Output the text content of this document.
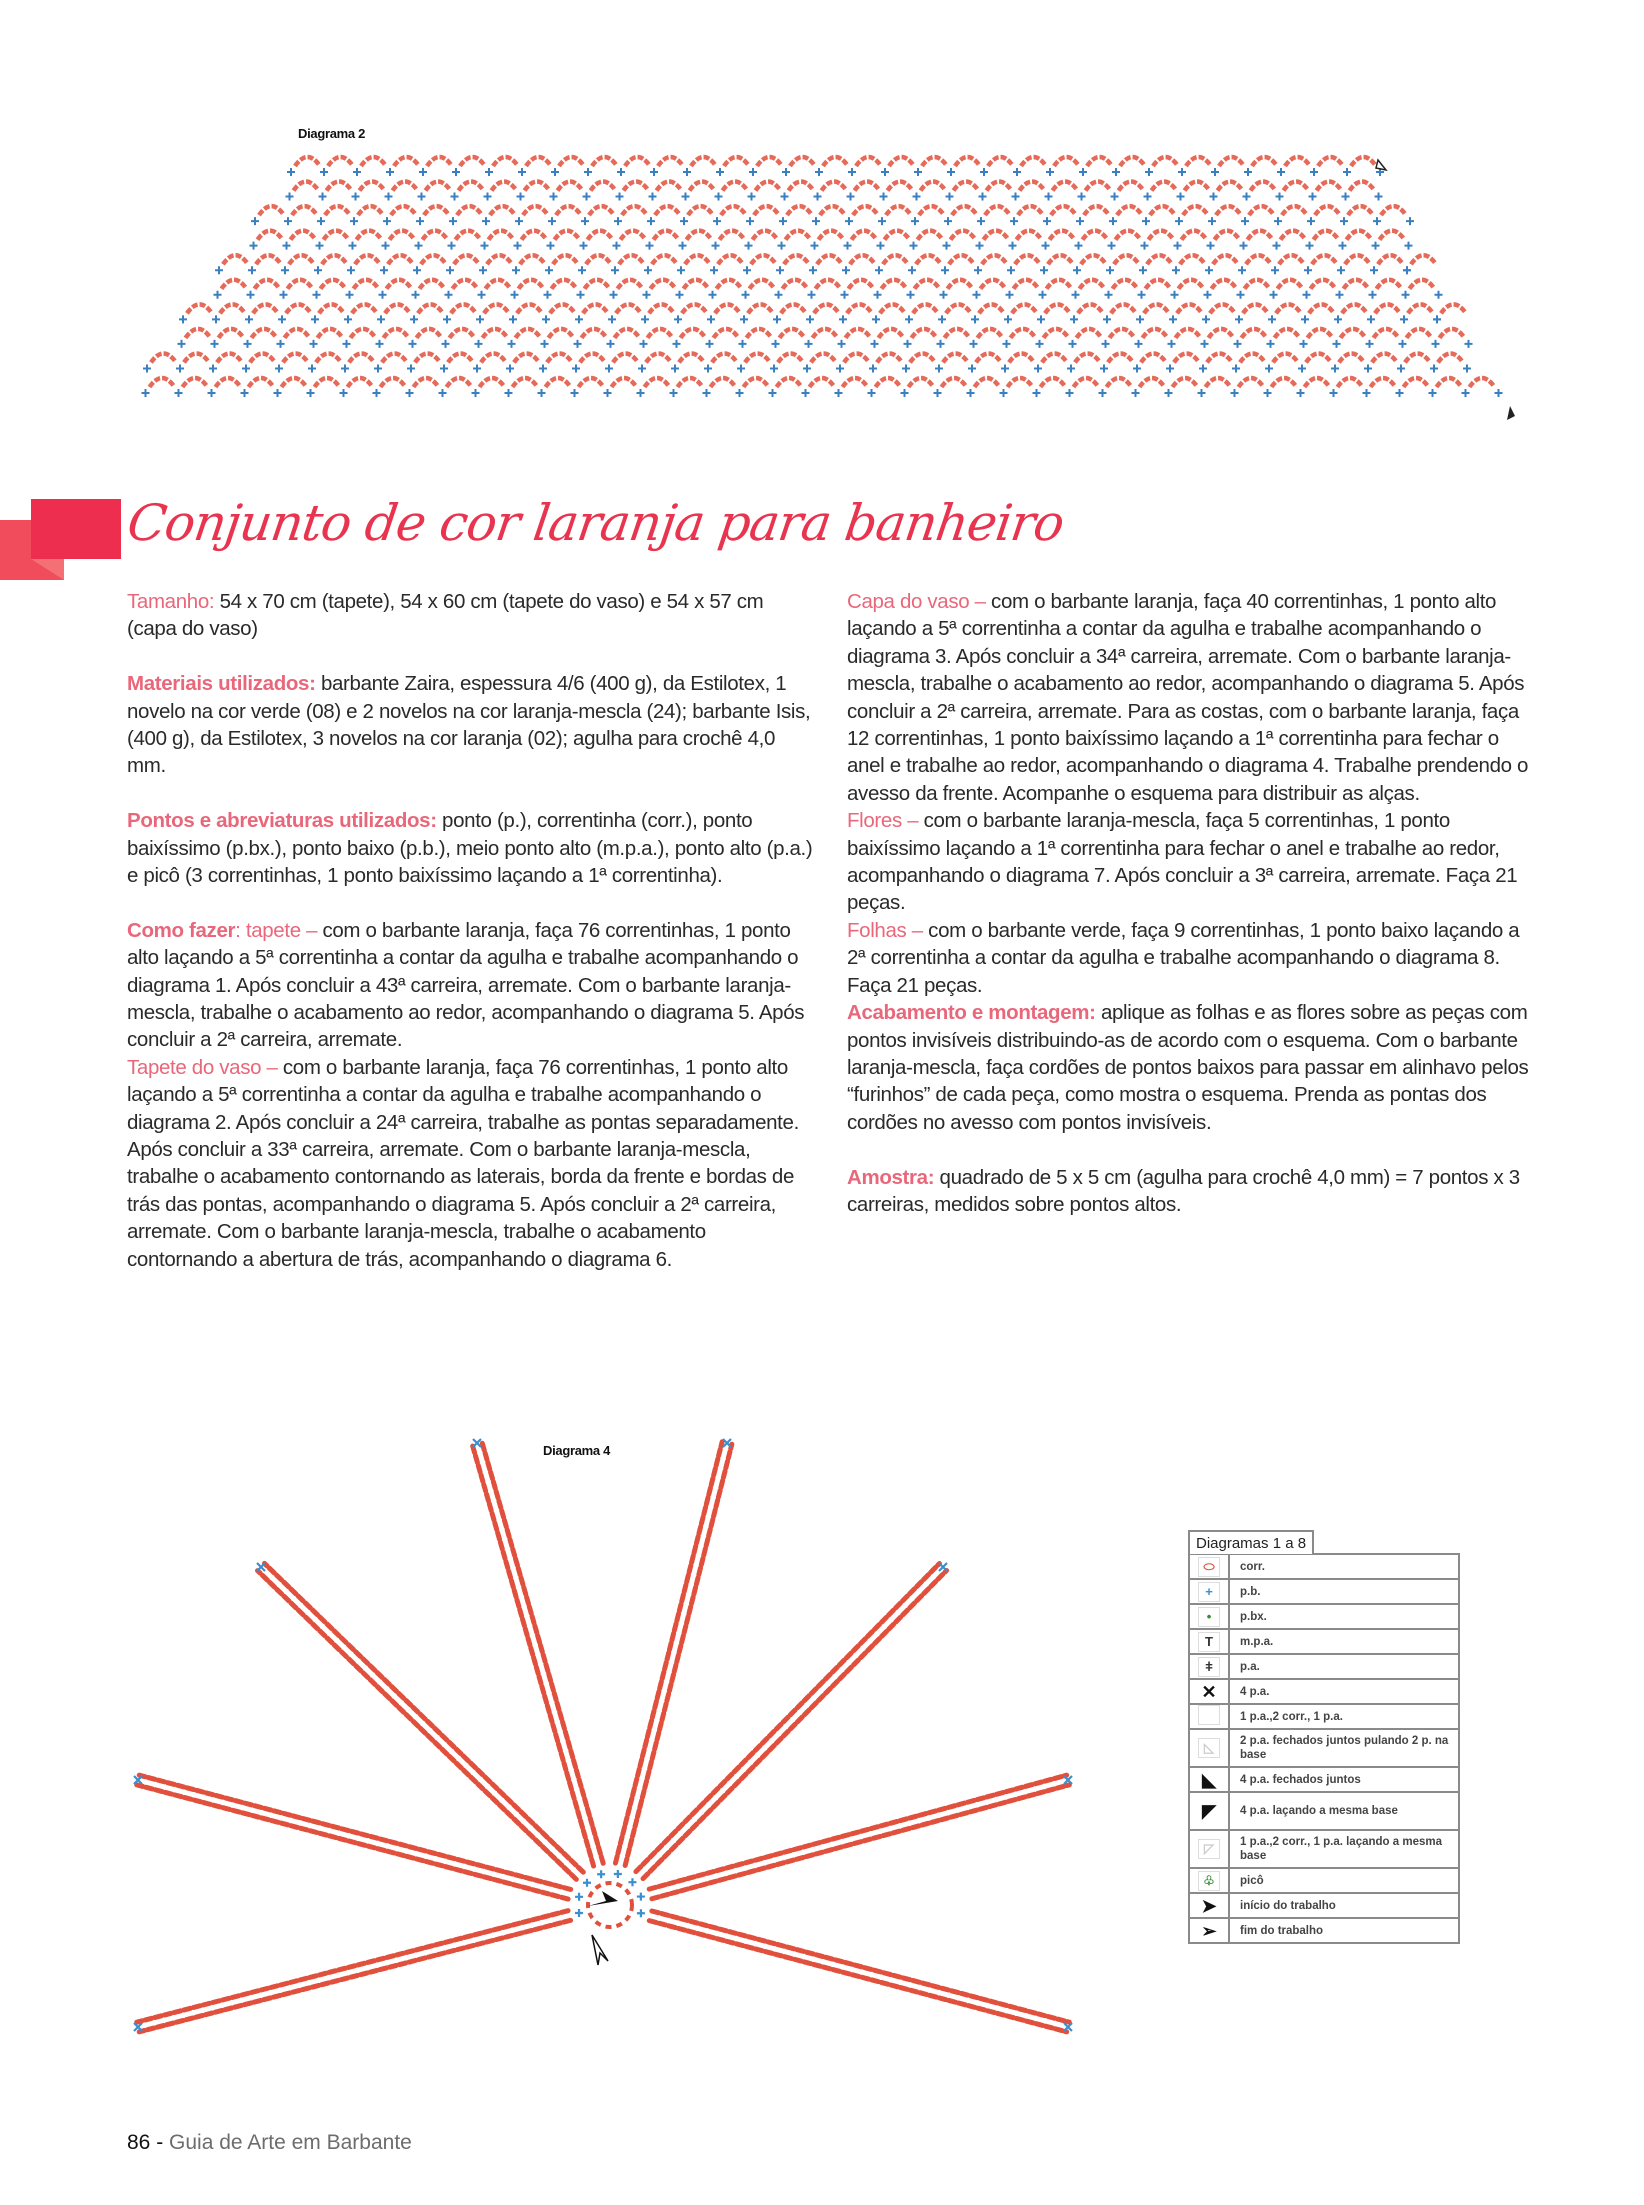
Diagrama 2
Conjunto de cor laranja para banheiro

Tamanho: 54 x 70 cm (tapete), 54 x 60 cm (tapete do vaso) e 54 x 57 cm (capa do vaso)

Materiais utilizados: barbante Zaira, espessura 4/6 (400 g), da Estilotex, 1 novelo na cor verde (08) e 2 novelos na cor laranja-mescla (24); barbante Isis, (400 g), da Estilotex, 3 novelos na cor laranja (02); agulha para crochê 4,0 mm.

Pontos e abreviaturas utilizados: ponto (p.), correntinha (corr.), ponto baixíssimo (p.bx.), ponto baixo (p.b.), meio ponto alto (m.p.a.), ponto alto (p.a.) e picô (3 correntinhas, 1 ponto baixíssimo laçando a 1ª correntinha).

Como fazer: tapete – com o barbante laranja, faça 76 correntinhas, 1 ponto alto laçando a 5ª correntinha a contar da agulha e trabalhe acompanhando o diagrama 1. Após concluir a 43ª carreira, arremate. Com o barbante laranja-mescla, trabalhe o acabamento ao redor, acompanhando o diagrama 5. Após concluir a 2ª carreira, arremate.

Tapete do vaso – com o barbante laranja, faça 76 correntinhas, 1 ponto alto laçando a 5ª correntinha a contar da agulha e trabalhe acompanhando o diagrama 2. Após concluir a 24ª carreira, trabalhe as pontas separadamente. Após concluir a 33ª carreira, arremate. Com o barbante laranja-mescla, trabalhe o acabamento contornando as laterais, borda da frente e bordas de trás das pontas, acompanhando o diagrama 5. Após concluir a 2ª carreira, arremate. Com o barbante laranja-mescla, trabalhe o acabamento contornando a abertura de trás, acompanhando o diagrama 6.

Capa do vaso – com o barbante laranja, faça 40 correntinhas, 1 ponto alto laçando a 5ª correntinha a contar da agulha e trabalhe acompanhando o diagrama 3. Após concluir a 34ª carreira, arremate. Com o barbante laranja-mescla, trabalhe o acabamento ao redor, acompanhando o diagrama 5. Após concluir a 2ª carreira, arremate. Para as costas, com o barbante laranja, faça 12 correntinhas, 1 ponto baixíssimo laçando a 1ª correntinha para fechar o anel e trabalhe ao redor, acompanhando o diagrama 4. Trabalhe prendendo o avesso da frente. Acompanhe o esquema para distribuir as alças.

Flores – com o barbante laranja-mescla, faça 5 correntinhas, 1 ponto baixíssimo laçando a 1ª correntinha para fechar o anel e trabalhe ao redor, acompanhando o diagrama 7. Após concluir a 3ª carreira, arremate. Faça 21 peças.

Folhas – com o barbante verde, faça 9 correntinhas, 1 ponto baixo laçando a 2ª correntinha a contar da agulha e trabalhe acompanhando o diagrama 8. Faça 21 peças.

Acabamento e montagem: aplique as folhas e as flores sobre as peças com pontos invisíveis distribuindo-as de acordo com o esquema. Com o barbante laranja-mescla, faça cordões de pontos baixos para passar em alinhavo pelos “furinhos” de cada peça, como mostra o esquema. Prenda as pontas dos cordões no avesso com pontos invisíveis.

Amostra: quadrado de 5 x 5 cm (agulha para crochê 4,0 mm) = 7 pontos x 3 carreiras, medidos sobre pontos altos.

Diagrama 4
Diagramas 1 a 8
⬭	corr.
+	p.b.
•	p.bx.
T	m.p.a.
ǂ	p.a.
✕	4 p.a.
	1 p.a.,2 corr., 1 p.a.
◺	2 p.a. fechados juntos pulando 2 p. na base
◣	4 p.a. fechados juntos
◤	4 p.a. laçando a mesma base
◸	1 p.a.,2 corr., 1 p.a. laçando a mesma base
♧	picô
➤	início do trabalho
➢	fim do trabalho
86 - Guia de Arte em Barbante
